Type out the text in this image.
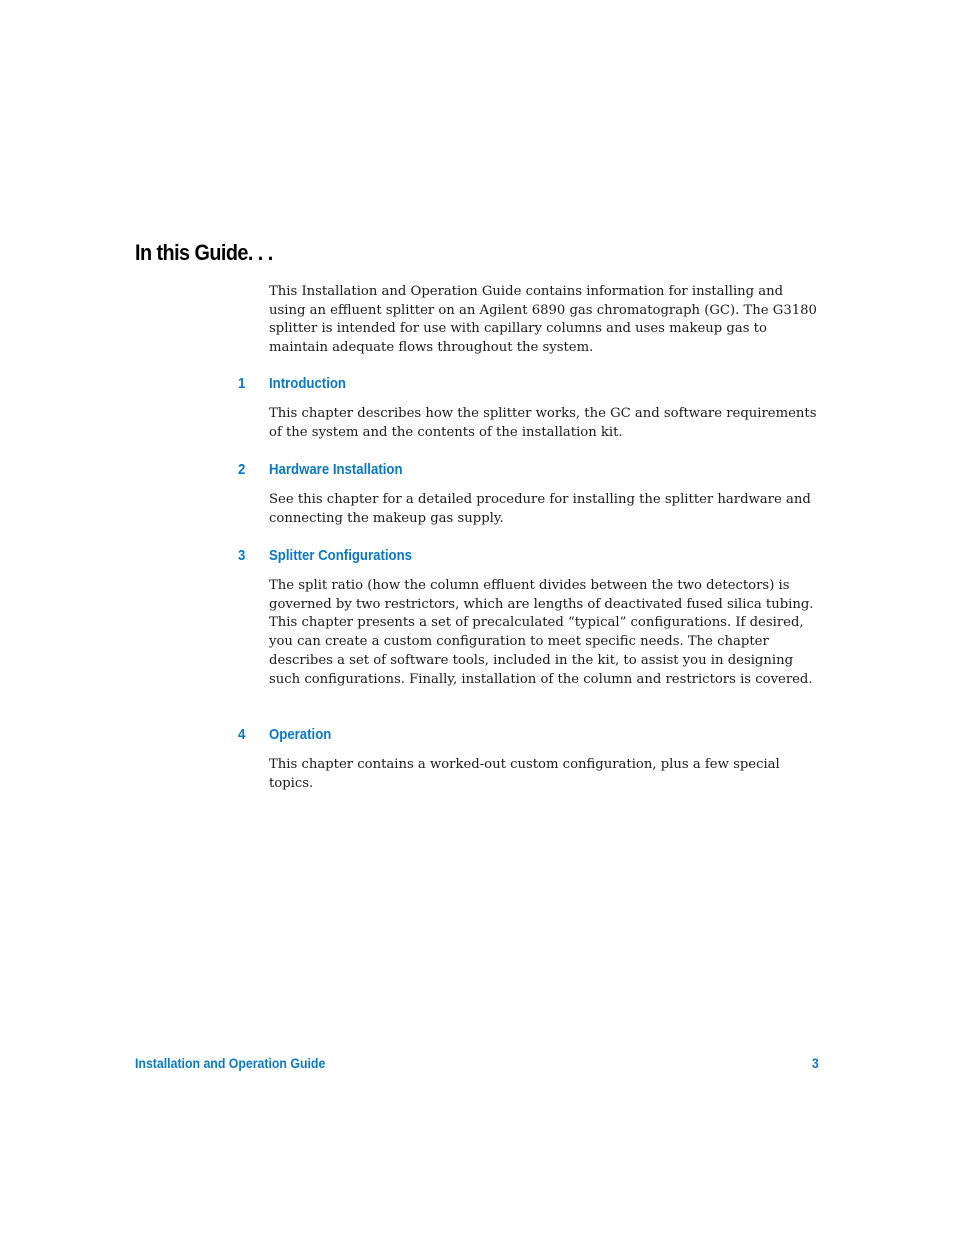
In this Guide. . .

This Installation and Operation Guide contains information for installing and using an effluent splitter on an Agilent 6890 gas chromatograph (GC). The G3180 splitter is intended for use with capillary columns and uses makeup gas to maintain adequate flows throughout the system.

1 Introduction

This chapter describes how the splitter works, the GC and software requirements of the system and the contents of the installation kit.

2 Hardware Installation

See this chapter for a detailed procedure for installing the splitter hardware and connecting the makeup gas supply.

3 Splitter Configurations

The split ratio (how the column effluent divides between the two detectors) is governed by two restrictors, which are lengths of deactivated fused silica tubing. This chapter presents a set of precalculated “typical” configurations. If desired, you can create a custom configuration to meet specific needs. The chapter describes a set of software tools, included in the kit, to assist you in designing such configurations. Finally, installation of the column and restrictors is covered.

4 Operation

This chapter contains a worked-out custom configuration, plus a few special topics.

Installation and Operation Guide	3
